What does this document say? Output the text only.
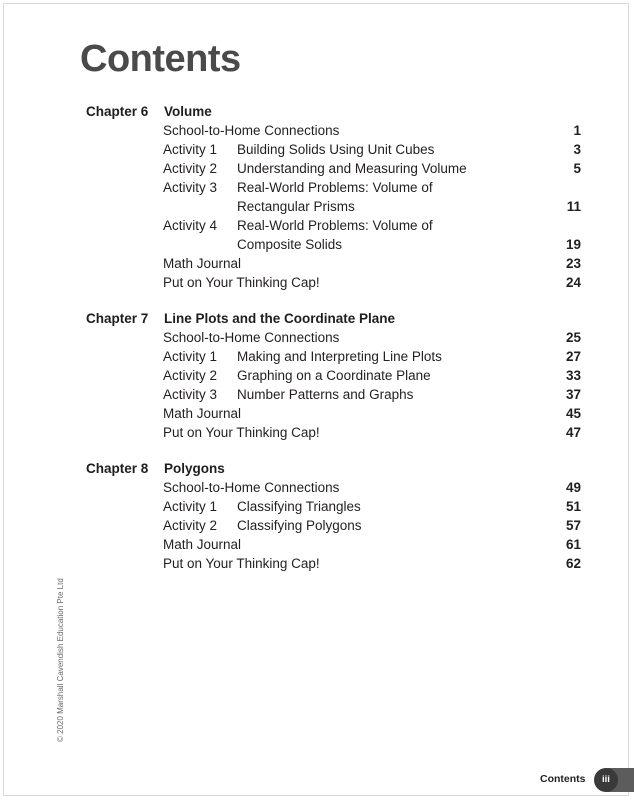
Contents
Chapter 6 Volume
School-to-Home Connections	1
Activity 1 Building Solids Using Unit Cubes	3
Activity 2 Understanding and Measuring Volume	5
Activity 3 Real-World Problems: Volume of
Rectangular Prisms	11
Activity 4 Real-World Problems: Volume of
Composite Solids	19
Math Journal	23
Put on Your Thinking Cap!	24
Chapter 7 Line Plots and the Coordinate Plane
School-to-Home Connections	25
Activity 1 Making and Interpreting Line Plots	27
Activity 2 Graphing on a Coordinate Plane	33
Activity 3 Number Patterns and Graphs	37
Math Journal	45
Put on Your Thinking Cap!	47
Chapter 8 Polygons
School-to-Home Connections	49
Activity 1 Classifying Triangles	51
Activity 2 Classifying Polygons	57
Math Journal	61
Put on Your Thinking Cap!	62
© 2020 Marshall Cavendish Education Pte Ltd
Contents	iii
